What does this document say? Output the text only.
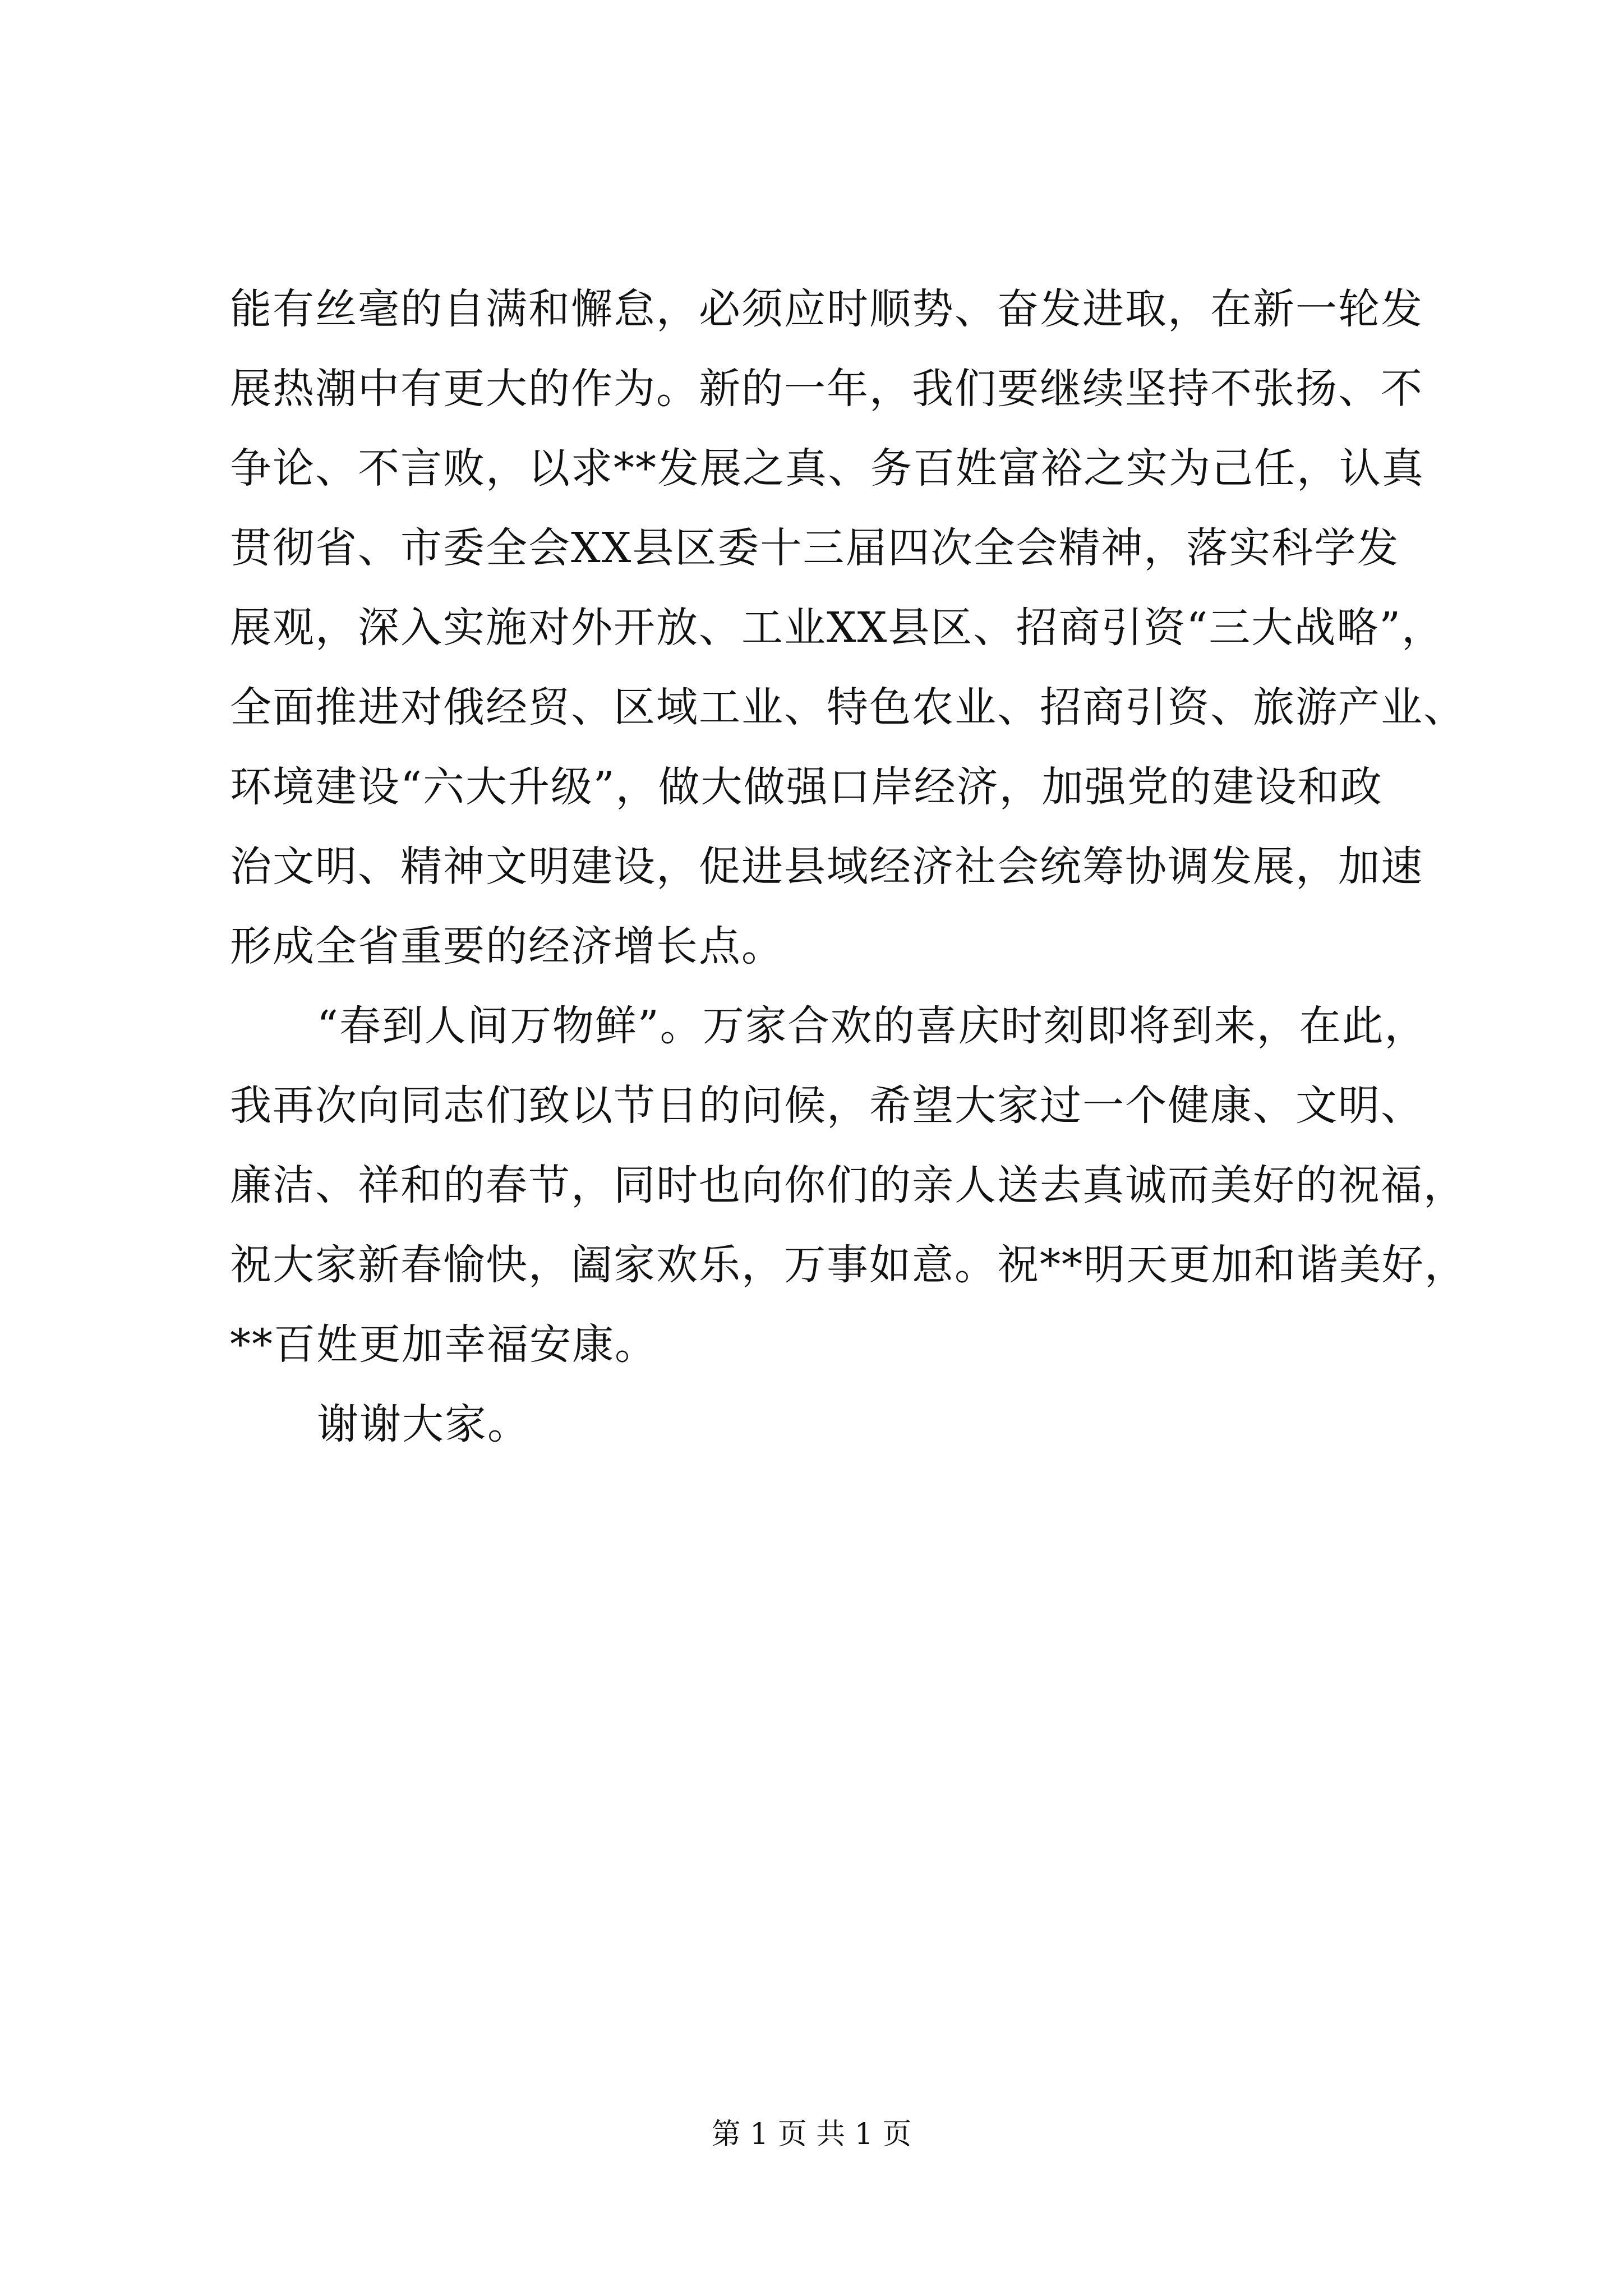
能有丝毫的自满和懈怠，必须应时顺势、奋发进取，在新一轮发
展热潮中有更大的作为。新的一年，我们要继续坚持不张扬、不
争论、不言败，以求**发展之真、务百姓富裕之实为己任，认真
贯彻省、市委全会XX县区委十三届四次全会精神，落实科学发
展观，深入实施对外开放、工业XX县区、招商引资“三大战略”，
全面推进对俄经贸、区域工业、特色农业、招商引资、旅游产业、
环境建设“六大升级”，做大做强口岸经济，加强党的建设和政
治文明、精神文明建设，促进县域经济社会统筹协调发展，加速
形成全省重要的经济增长点。
“春到人间万物鲜”。万家合欢的喜庆时刻即将到来，在此，
我再次向同志们致以节日的问候，希望大家过一个健康、文明、
廉洁、祥和的春节，同时也向你们的亲人送去真诚而美好的祝福，
祝大家新春愉快，阖家欢乐，万事如意。祝**明天更加和谐美好，
**百姓更加幸福安康。
谢谢大家。
第 1 页 共 1 页
